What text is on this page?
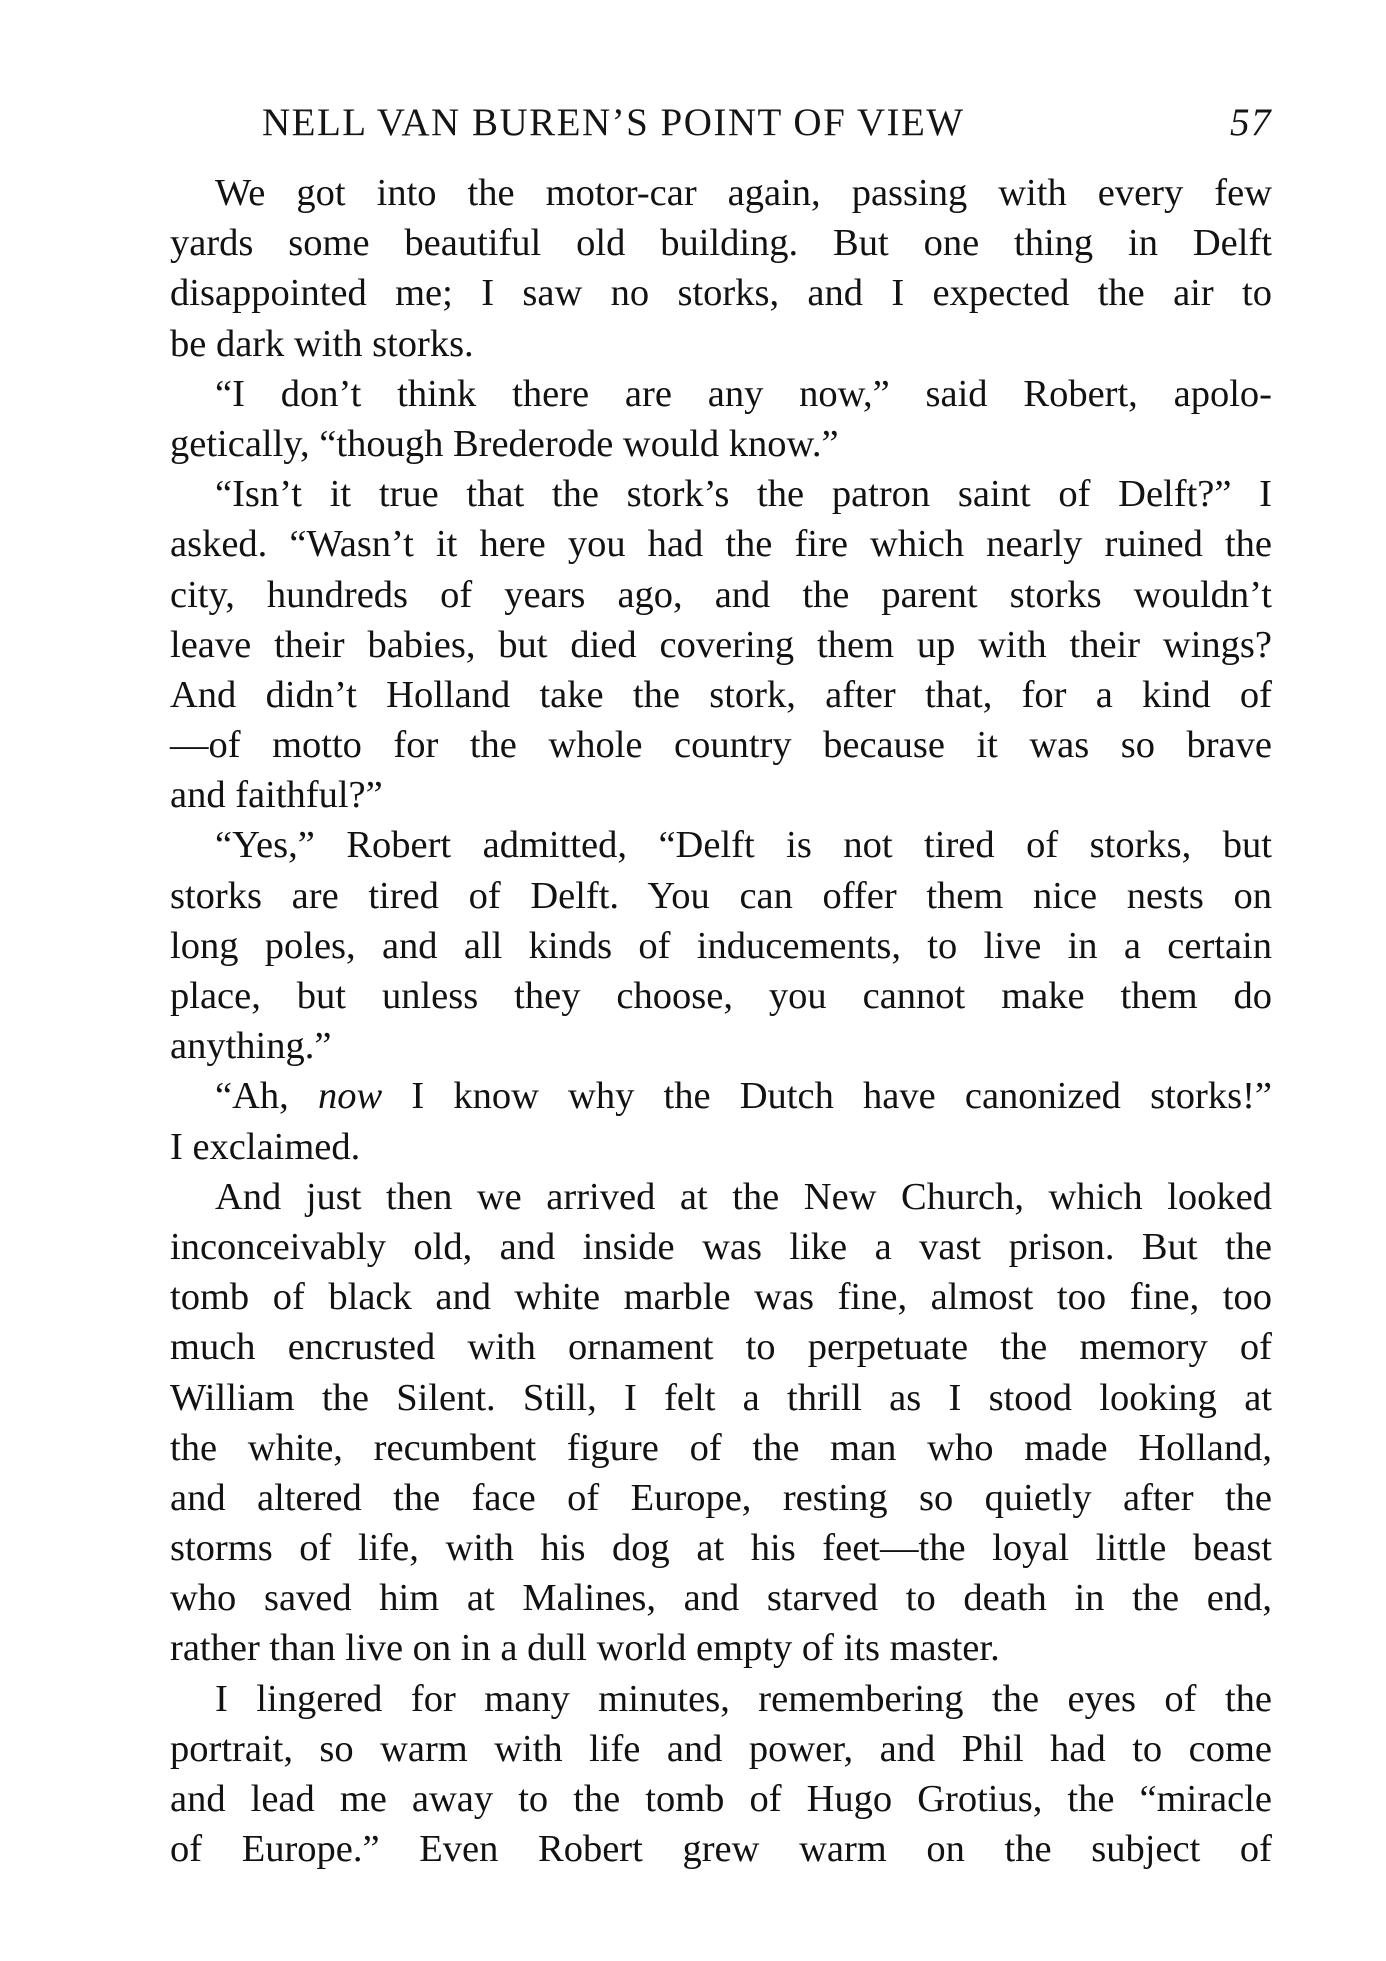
NELL VAN BUREN’S POINT OF VIEW	57
We got into the motor-car again, passing with every few
yards some beautiful old building. But one thing in Delft
disappointed me; I saw no storks, and I expected the air to
be dark with storks.
“I don’t think there are any now,” said Robert, apolo-
getically, “though Brederode would know.”
“Isn’t it true that the stork’s the patron saint of Delft?” I
asked. “Wasn’t it here you had the fire which nearly ruined the
city, hundreds of years ago, and the parent storks wouldn’t
leave their babies, but died covering them up with their wings?
And didn’t Holland take the stork, after that, for a kind of
—of motto for the whole country because it was so brave
and faithful?”
“Yes,” Robert admitted, “Delft is not tired of storks, but
storks are tired of Delft. You can offer them nice nests on
long poles, and all kinds of inducements, to live in a certain
place, but unless they choose, you cannot make them do
anything.”
“Ah, now I know why the Dutch have canonized storks!”
I exclaimed.
And just then we arrived at the New Church, which looked
inconceivably old, and inside was like a vast prison. But the
tomb of black and white marble was fine, almost too fine, too
much encrusted with ornament to perpetuate the memory of
William the Silent. Still, I felt a thrill as I stood looking at
the white, recumbent figure of the man who made Holland,
and altered the face of Europe, resting so quietly after the
storms of life, with his dog at his feet—the loyal little beast
who saved him at Malines, and starved to death in the end,
rather than live on in a dull world empty of its master.
I lingered for many minutes, remembering the eyes of the
portrait, so warm with life and power, and Phil had to come
and lead me away to the tomb of Hugo Grotius, the “miracle
of Europe.” Even Robert grew warm on the subject of
